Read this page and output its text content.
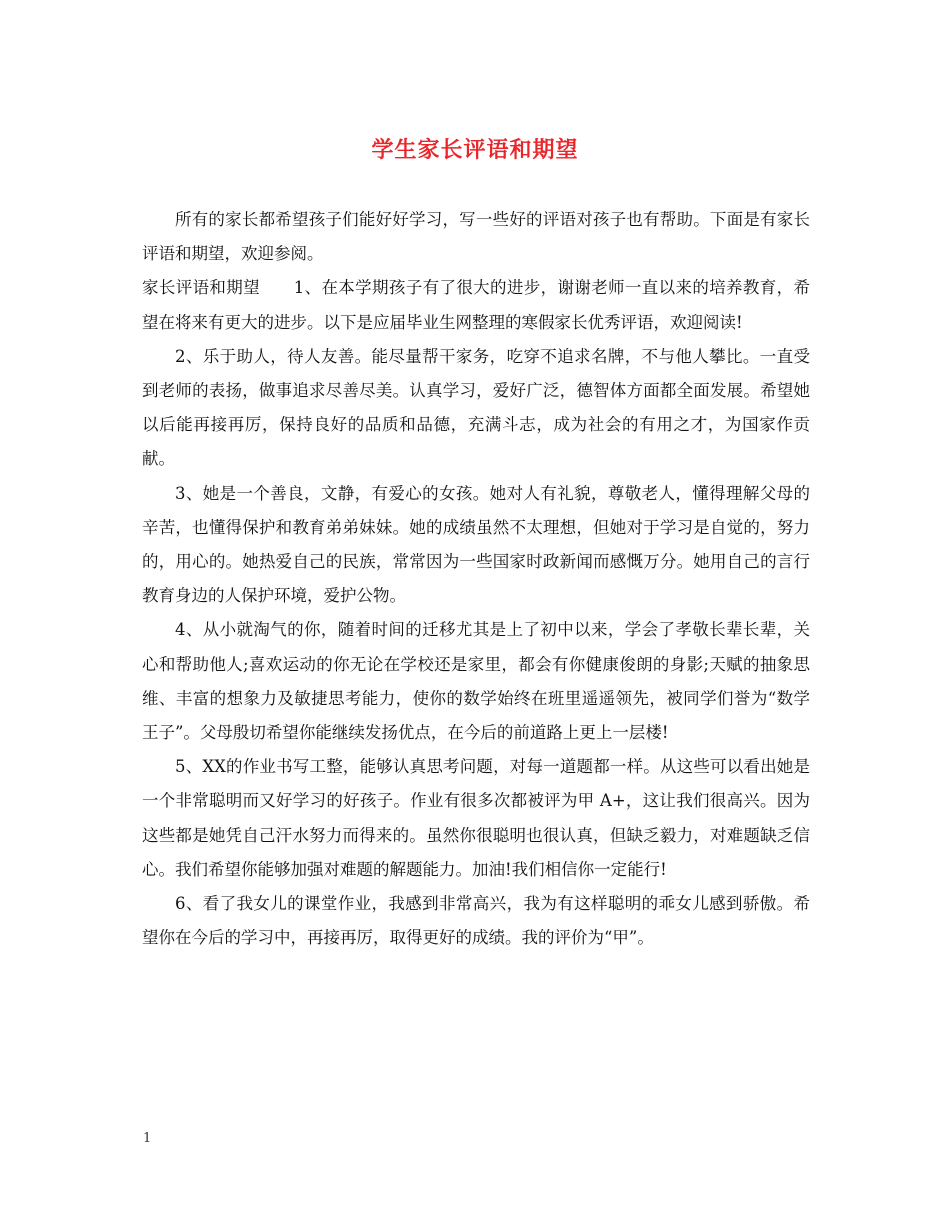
学生家长评语和期望

所有的家长都希望孩子们能好好学习，写一些好的评语对孩子也有帮助。下面是有家长评语和期望，欢迎参阅。

家长评语和期望　　1、在本学期孩子有了很大的进步，谢谢老师一直以来的培养教育，希望在将来有更大的进步。以下是应届毕业生网整理的寒假家长优秀评语，欢迎阅读!

2、乐于助人，待人友善。能尽量帮干家务，吃穿不追求名牌，不与他人攀比。一直受到老师的表扬，做事追求尽善尽美。认真学习，爱好广泛，德智体方面都全面发展。希望她以后能再接再厉，保持良好的品质和品德，充满斗志，成为社会的有用之才，为国家作贡献。

3、她是一个善良，文静，有爱心的女孩。她对人有礼貌，尊敬老人，懂得理解父母的辛苦，也懂得保护和教育弟弟妹妹。她的成绩虽然不太理想，但她对于学习是自觉的，努力的，用心的。她热爱自己的民族，常常因为一些国家时政新闻而感慨万分。她用自己的言行教育身边的人保护环境，爱护公物。

4、从小就淘气的你，随着时间的迁移尤其是上了初中以来，学会了孝敬长辈长辈，关心和帮助他人;喜欢运动的你无论在学校还是家里，都会有你健康俊朗的身影;天赋的抽象思维、丰富的想象力及敏捷思考能力，使你的数学始终在班里遥遥领先，被同学们誉为“数学王子”。父母殷切希望你能继续发扬优点，在今后的前道路上更上一层楼!

5、XX的作业书写工整，能够认真思考问题，对每一道题都一样。从这些可以看出她是一个非常聪明而又好学习的好孩子。作业有很多次都被评为甲 A+，这让我们很高兴。因为这些都是她凭自己汗水努力而得来的。虽然你很聪明也很认真，但缺乏毅力，对难题缺乏信心。我们希望你能够加强对难题的解题能力。加油!我们相信你一定能行!

6、看了我女儿的课堂作业，我感到非常高兴，我为有这样聪明的乖女儿感到骄傲。希望你在今后的学习中，再接再厉，取得更好的成绩。我的评价为“甲”。

1
